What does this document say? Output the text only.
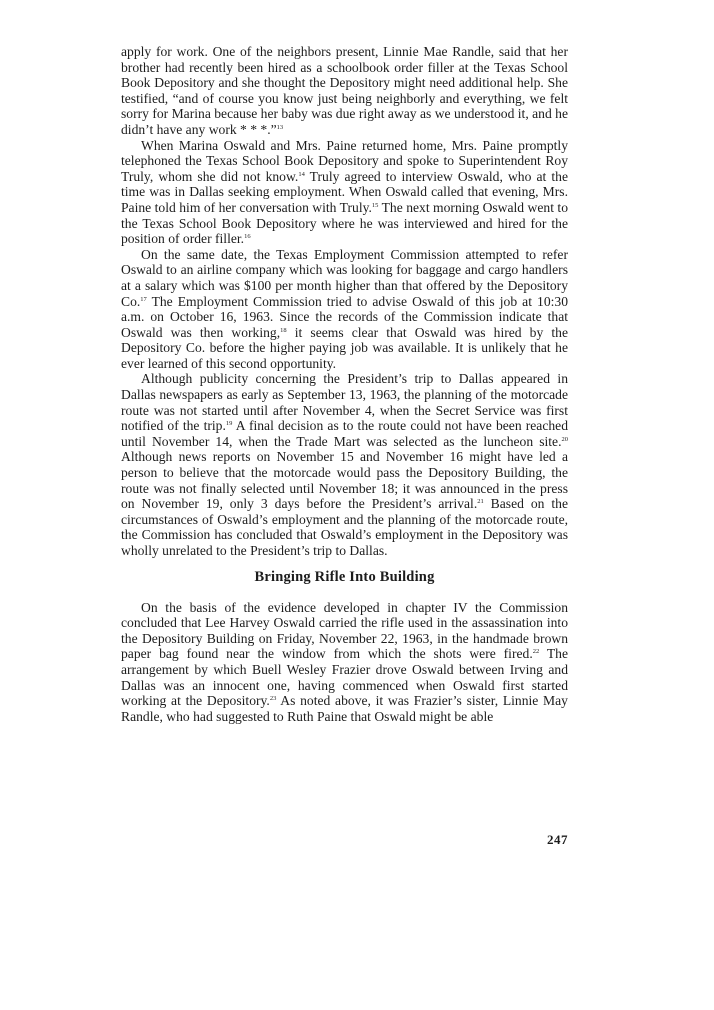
apply for work. One of the neighbors present, Linnie Mae Randle, said that her brother had recently been hired as a schoolbook order filler at the Texas School Book Depository and she thought the Depository might need additional help. She testified, “and of course you know just being neighborly and everything, we felt sorry for Marina because her baby was due right away as we understood it, and he didn’t have any work * * *.”$^{13}$

When Marina Oswald and Mrs. Paine returned home, Mrs. Paine promptly telephoned the Texas School Book Depository and spoke to Superintendent Roy Truly, whom she did not know.$^{14}$ Truly agreed to interview Oswald, who at the time was in Dallas seeking employment. When Oswald called that evening, Mrs. Paine told him of her conversation with Truly.$^{15}$ The next morning Oswald went to the Texas School Book Depository where he was interviewed and hired for the position of order filler.$^{16}$

On the same date, the Texas Employment Commission attempted to refer Oswald to an airline company which was looking for baggage and cargo handlers at a salary which was $100 per month higher than that offered by the Depository Co.$^{17}$ The Employment Commission tried to advise Oswald of this job at 10:30 a.m. on October 16, 1963. Since the records of the Commission indicate that Oswald was then working,$^{18}$ it seems clear that Oswald was hired by the Depository Co. before the higher paying job was available. It is unlikely that he ever learned of this second opportunity.

Although publicity concerning the President’s trip to Dallas appeared in Dallas newspapers as early as September 13, 1963, the planning of the motorcade route was not started until after November 4, when the Secret Service was first notified of the trip.$^{19}$ A final decision as to the route could not have been reached until November 14, when the Trade Mart was selected as the luncheon site.$^{20}$ Although news reports on November 15 and November 16 might have led a person to believe that the motorcade would pass the Depository Building, the route was not finally selected until November 18; it was announced in the press on November 19, only 3 days before the President’s arrival.$^{21}$ Based on the circumstances of Oswald’s employment and the planning of the motorcade route, the Commission has concluded that Oswald’s employment in the Depository was wholly unrelated to the President’s trip to Dallas.

Bringing Rifle Into Building

On the basis of the evidence developed in chapter IV the Commission concluded that Lee Harvey Oswald carried the rifle used in the assassination into the Depository Building on Friday, November 22, 1963, in the handmade brown paper bag found near the window from which the shots were fired.$^{22}$ The arrangement by which Buell Wesley Frazier drove Oswald between Irving and Dallas was an innocent one, having commenced when Oswald first started working at the Depository.$^{23}$ As noted above, it was Frazier’s sister, Linnie May Randle, who had suggested to Ruth Paine that Oswald might be able

247
